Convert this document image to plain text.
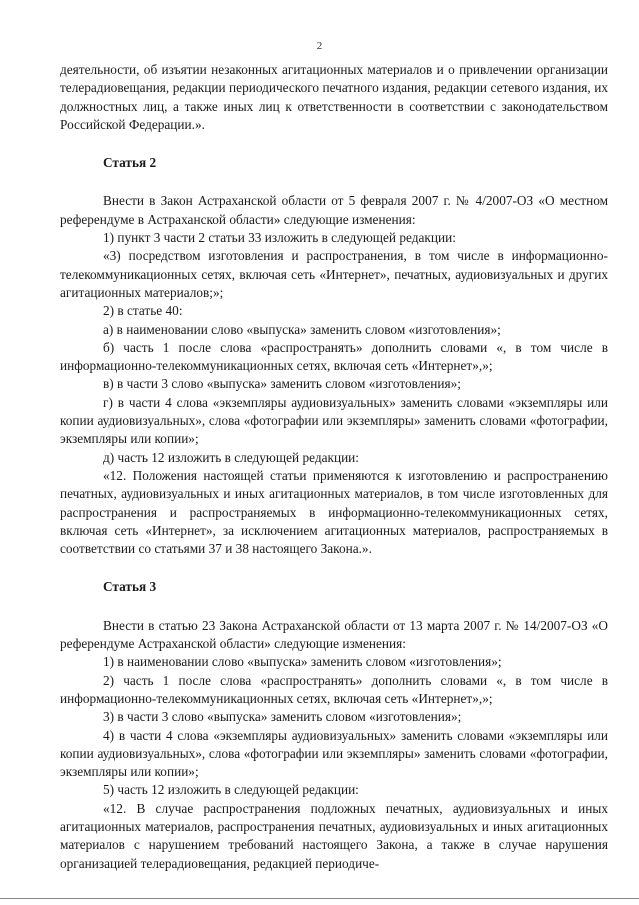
2

деятельности, об изъятии незаконных агитационных материалов и о привлечении организации телерадиовещания, редакции периодического печатного издания, редакции сетевого издания, их должностных лиц, а также иных лиц к ответственности в соответствии с законодательством Российской Федерации.».

Статья 2

Внести в Закон Астраханской области от 5 февраля 2007 г. № 4/2007-ОЗ «О местном референдуме в Астраханской области» следующие изменения:

1) пункт 3 части 2 статьи 33 изложить в следующей редакции:

«3) посредством изготовления и распространения, в том числе в информационно-телекоммуникационных сетях, включая сеть «Интернет», печатных, аудиовизуальных и других агитационных материалов;»;

2) в статье 40:

а) в наименовании слово «выпуска» заменить словом «изготовления»;

б) часть 1 после слова «распространять» дополнить словами «, в том числе в информационно-телекоммуникационных сетях, включая сеть «Интернет»,»;

в) в части 3 слово «выпуска» заменить словом «изготовления»;

г) в части 4 слова «экземпляры аудиовизуальных» заменить словами «экземпляры или копии аудиовизуальных», слова «фотографии или экземпляры» заменить словами «фотографии, экземпляры или копии»;

д) часть 12 изложить в следующей редакции:

«12. Положения настоящей статьи применяются к изготовлению и распространению печатных, аудиовизуальных и иных агитационных материалов, в том числе изготовленных для распространения и распространяемых в информационно-телекоммуникационных сетях, включая сеть «Интернет», за исключением агитационных материалов, распространяемых в соответствии со статьями 37 и 38 настоящего Закона.».

Статья 3

Внести в статью 23 Закона Астраханской области от 13 марта 2007 г. № 14/2007-ОЗ «О референдуме Астраханской области» следующие изменения:

1) в наименовании слово «выпуска» заменить словом «изготовления»;

2) часть 1 после слова «распространять» дополнить словами «, в том числе в информационно-телекоммуникационных сетях, включая сеть «Интернет»,»;

3) в части 3 слово «выпуска» заменить словом «изготовления»;

4) в части 4 слова «экземпляры аудиовизуальных» заменить словами «экземпляры или копии аудиовизуальных», слова «фотографии или экземпляры» заменить словами «фотографии, экземпляры или копии»;

5) часть 12 изложить в следующей редакции:

«12. В случае распространения подложных печатных, аудиовизуальных и иных агитационных материалов, распространения печатных, аудиовизуальных и иных агитационных материалов с нарушением требований настоящего Закона, а также в случае нарушения организацией телерадиовещания, редакцией периодиче-
